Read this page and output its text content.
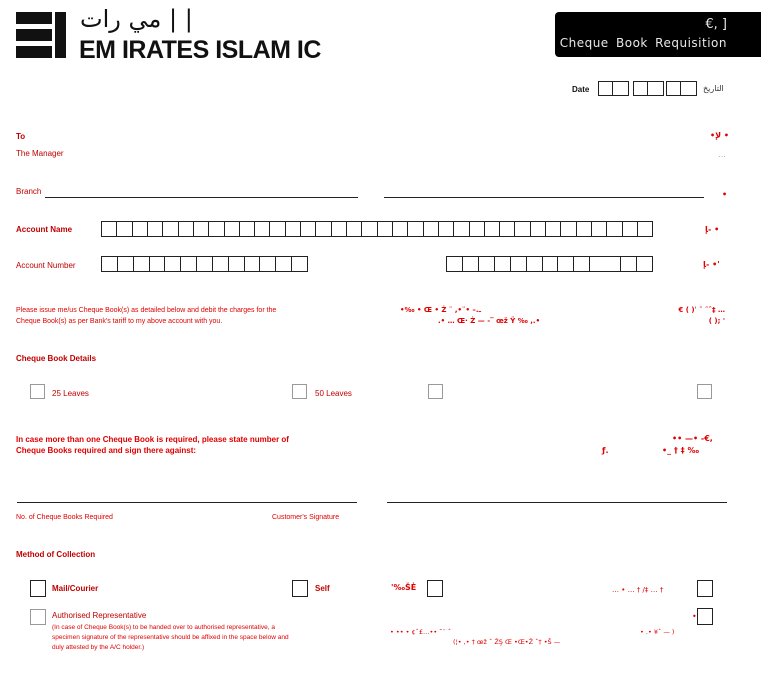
مي رات | |
EM IRATES ISLAM IC
€, ]
Cheque Book Requisition
Date	التاريخ
To
The Manager
•ﻹ •
…
Branch	•
Account Name	ﺈ- •
Account Number	ﺈ- •'
Please issue me/us Cheque Book(s) as detailed below and debit the charges for the
Cheque Book(s) as per Bank's tariff to my above account with you.
•‰ • Œ • Ż ¨ ,•¨• –.ـ
.• … Œ· Ż — -‾ œž Ÿ ‰ ,.•
€ ( )ˈ ˜ ˜ˆ‡ …
( ); '
Cheque Book Details
25 Leaves	50 Leaves
In case more than one Cheque Book is required, please state number of
Cheque Books required and sign there against:
•• —• -€,
ƒ.	•_ † ‡ ‰
No. of Cheque Books Required	Customer's Signature
Method of Collection
Mail/Courier	Self	'‰ŠĖ	… • … † /‡ … †
Authorised Representative
(In case of Cheque Book(s) to be handed over to authorised representative, a
specimen signature of the representative should be affixed in the space below and
duly attested by the A/C holder.)
•
• •• • ¢ˆ£…•• ˜¨ ˆ
(¦• ,• † œž ˆ ŽŞ Œ •Œ•Ž ˆ† •Š —
• .• ¥ˆ — )
